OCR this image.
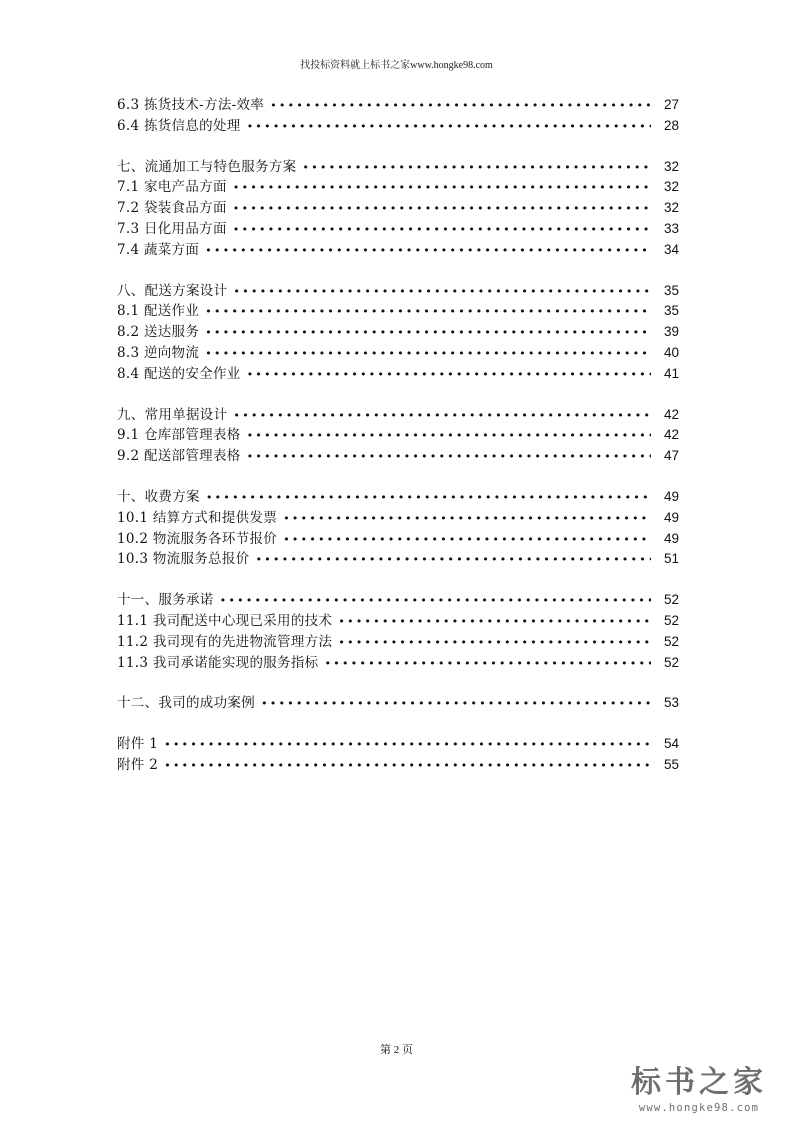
找投标资料就上标书之家www.hongke98.com
6.3 拣货技术-方法-效率 •••••	27
6.4 拣货信息的处理 •••••	28
七、流通加工与特色服务方案 •••••	32
7.1 家电产品方面 •••••	32
7.2 袋装食品方面 •••••	32
7.3 日化用品方面 •••••	33
7.4 蔬菜方面 •••••	34
八、配送方案设计 •••••	35
8.1 配送作业 •••••	35
8.2 送达服务 •••••	39
8.3 逆向物流 •••••	40
8.4 配送的安全作业 •••••	41
九、常用单据设计 •••••	42
9.1 仓库部管理表格 •••••	42
9.2 配送部管理表格 •••••	47
十、收费方案 •••••	49
10.1 结算方式和提供发票 •••••	49
10.2 物流服务各环节报价 •••••	49
10.3 物流服务总报价 •••••	51
十一、服务承诺 •••••	52
11.1 我司配送中心现已采用的技术 •••••	52
11.2 我司现有的先进物流管理方法 •••••	52
11.3 我司承诺能实现的服务指标 •••••	52
十二、我司的成功案例 •••••	53
附件 1 •••••	54
附件 2 •••••	55
第 2 页
标书之家
www.hongke98.com
